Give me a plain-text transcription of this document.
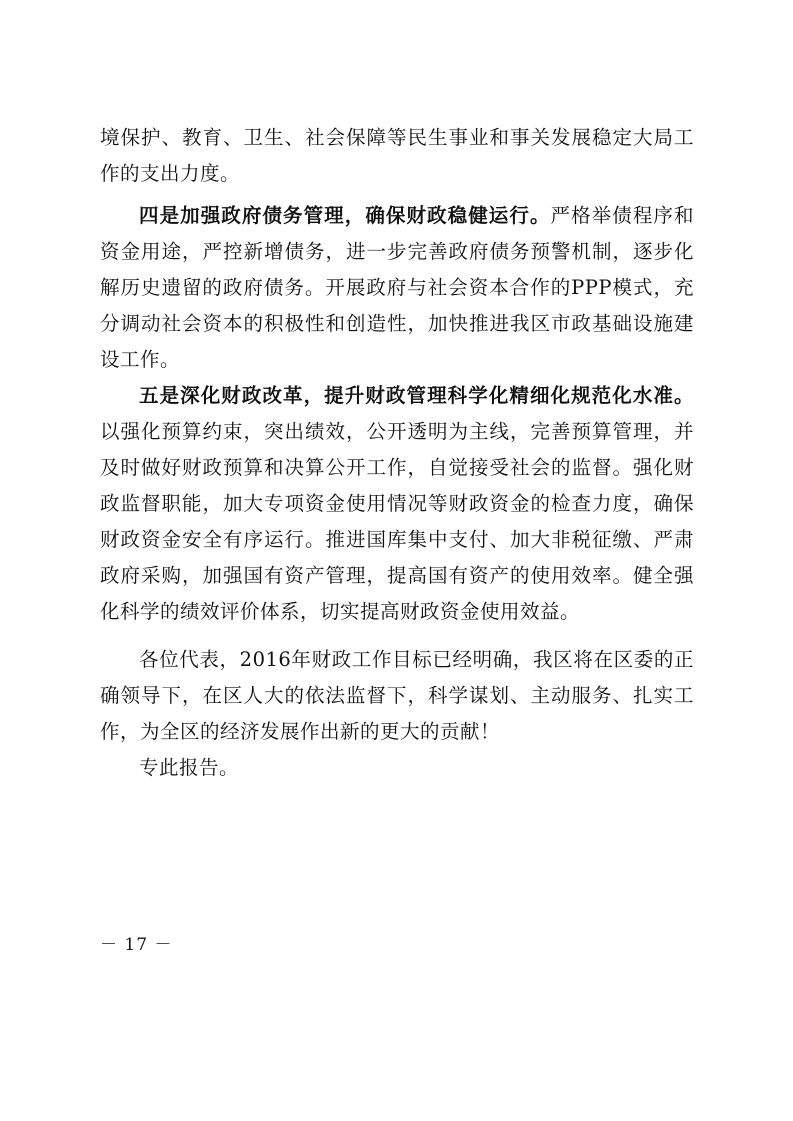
境保护、教育、卫生、社会保障等民生事业和事关发展稳定大局工作的支出力度。

四是加强政府债务管理，确保财政稳健运行。严格举债程序和资金用途，严控新增债务，进一步完善政府债务预警机制，逐步化解历史遗留的政府债务。开展政府与社会资本合作的PPP模式，充分调动社会资本的积极性和创造性，加快推进我区市政基础设施建设工作。

五是深化财政改革，提升财政管理科学化精细化规范化水准。以强化预算约束，突出绩效，公开透明为主线，完善预算管理，并及时做好财政预算和决算公开工作，自觉接受社会的监督。强化财政监督职能，加大专项资金使用情况等财政资金的检查力度，确保财政资金安全有序运行。推进国库集中支付、加大非税征缴、严肃政府采购，加强国有资产管理，提高国有资产的使用效率。健全强化科学的绩效评价体系，切实提高财政资金使用效益。

各位代表，2016年财政工作目标已经明确，我区将在区委的正确领导下，在区人大的依法监督下，科学谋划、主动服务、扎实工作，为全区的经济发展作出新的更大的贡献！

专此报告。

－ 17 －
